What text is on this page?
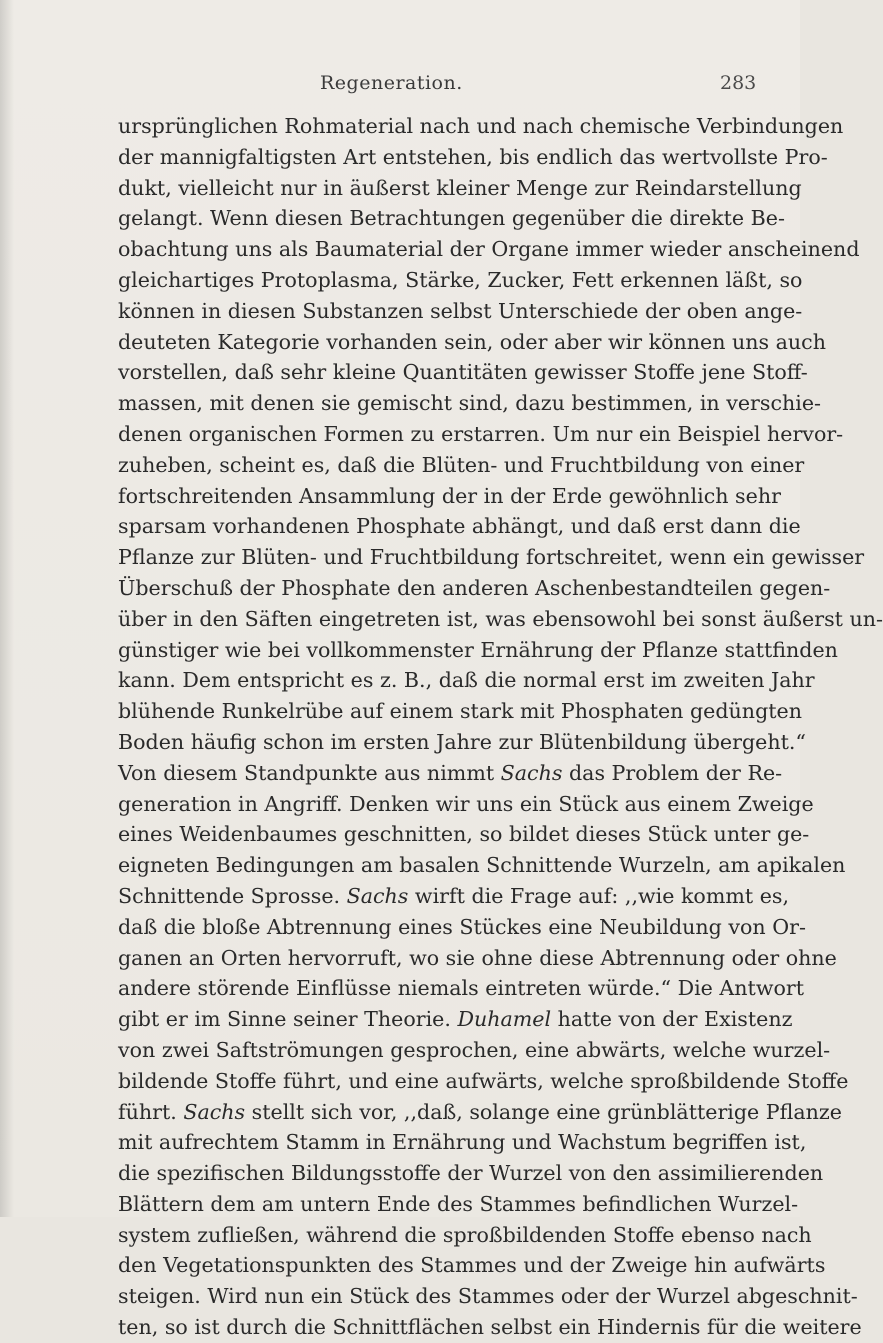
Regeneration.	283
ursprünglichen Rohmaterial nach und nach chemische Verbindungen
der mannigfaltigsten Art entstehen, bis endlich das wertvollste Pro-
dukt, vielleicht nur in äußerst kleiner Menge zur Reindarstellung
gelangt. Wenn diesen Betrachtungen gegenüber die direkte Be-
obachtung uns als Baumaterial der Organe immer wieder anscheinend
gleichartiges Protoplasma, Stärke, Zucker, Fett erkennen läßt, so
können in diesen Substanzen selbst Unterschiede der oben ange-
deuteten Kategorie vorhanden sein, oder aber wir können uns auch
vorstellen, daß sehr kleine Quantitäten gewisser Stoffe jene Stoff-
massen, mit denen sie gemischt sind, dazu bestimmen, in verschie-
denen organischen Formen zu erstarren. Um nur ein Beispiel hervor-
zuheben, scheint es, daß die Blüten- und Fruchtbildung von einer
fortschreitenden Ansammlung der in der Erde gewöhnlich sehr
sparsam vorhandenen Phosphate abhängt, und daß erst dann die
Pflanze zur Blüten- und Fruchtbildung fortschreitet, wenn ein gewisser
Überschuß der Phosphate den anderen Aschenbestandteilen gegen-
über in den Säften eingetreten ist, was ebensowohl bei sonst äußerst un-
günstiger wie bei vollkommenster Ernährung der Pflanze stattfinden
kann. Dem entspricht es z. B., daß die normal erst im zweiten Jahr
blühende Runkelrübe auf einem stark mit Phosphaten gedüngten
Boden häufig schon im ersten Jahre zur Blütenbildung übergeht.“
Von diesem Standpunkte aus nimmt Sachs das Problem der Re-
generation in Angriff. Denken wir uns ein Stück aus einem Zweige
eines Weidenbaumes geschnitten, so bildet dieses Stück unter ge-
eigneten Bedingungen am basalen Schnittende Wurzeln, am apikalen
Schnittende Sprosse. Sachs wirft die Frage auf: ,,wie kommt es,
daß die bloße Abtrennung eines Stückes eine Neubildung von Or-
ganen an Orten hervorruft, wo sie ohne diese Abtrennung oder ohne
andere störende Einflüsse niemals eintreten würde.“ Die Antwort
gibt er im Sinne seiner Theorie. Duhamel hatte von der Existenz
von zwei Saftströmungen gesprochen, eine abwärts, welche wurzel-
bildende Stoffe führt, und eine aufwärts, welche sproßbildende Stoffe
führt. Sachs stellt sich vor, ,,daß, solange eine grünblätterige Pflanze
mit aufrechtem Stamm in Ernährung und Wachstum begriffen ist,
die spezifischen Bildungsstoffe der Wurzel von den assimilierenden
Blättern dem am untern Ende des Stammes befindlichen Wurzel-
system zufließen, während die sproßbildenden Stoffe ebenso nach
den Vegetationspunkten des Stammes und der Zweige hin aufwärts
steigen. Wird nun ein Stück des Stammes oder der Wurzel abgeschnit-
ten, so ist durch die Schnittflächen selbst ein Hindernis für die weitere
